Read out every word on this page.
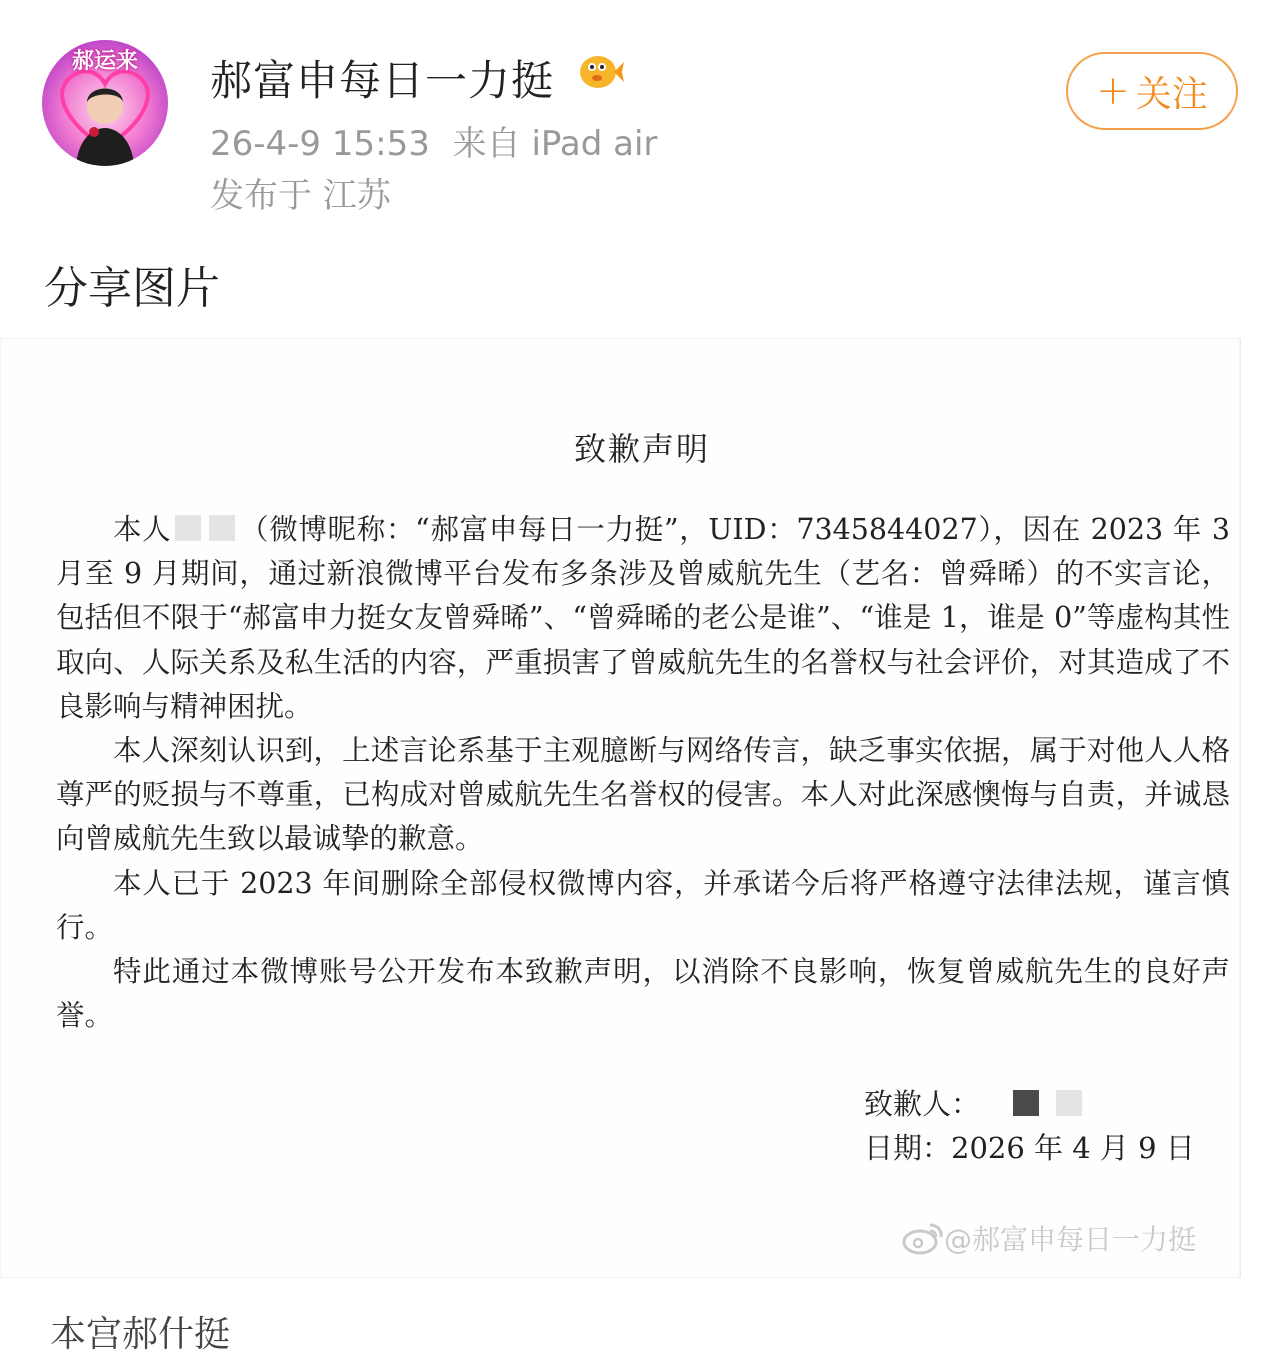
郝运来	郝富申每日一力挺
26-4-9 15:53 来自 iPad air
发布于 江苏
+ 关注
分享图片
致歉声明

本人 （微博昵称：“郝富申每日一力挺”，UID：7345844027），因在 2023 年 3 月至 9 月期间，通过新浪微博平台发布多条涉及曾威航先生（艺名：曾舜晞）的不实言论，包括但不限于“郝富申力挺女友曾舜晞”、“曾舜晞的老公是谁”、“谁是 1，谁是 0”等虚构其性取向、人际关系及私生活的内容，严重损害了曾威航先生的名誉权与社会评价，对其造成了不良影响与精神困扰。

本人深刻认识到，上述言论系基于主观臆断与网络传言，缺乏事实依据，属于对他人人格尊严的贬损与不尊重，已构成对曾威航先生名誉权的侵害。本人对此深感懊悔与自责，并诚恳向曾威航先生致以最诚挚的歉意。

本人已于 2023 年间删除全部侵权微博内容，并承诺今后将严格遵守法律法规，谨言慎行。

特此通过本微博账号公开发布本致歉声明，以消除不良影响，恢复曾威航先生的良好声誉。

致歉人：
日期：2026 年 4 月 9 日
@郝富申每日一力挺
本宫郝什挺
